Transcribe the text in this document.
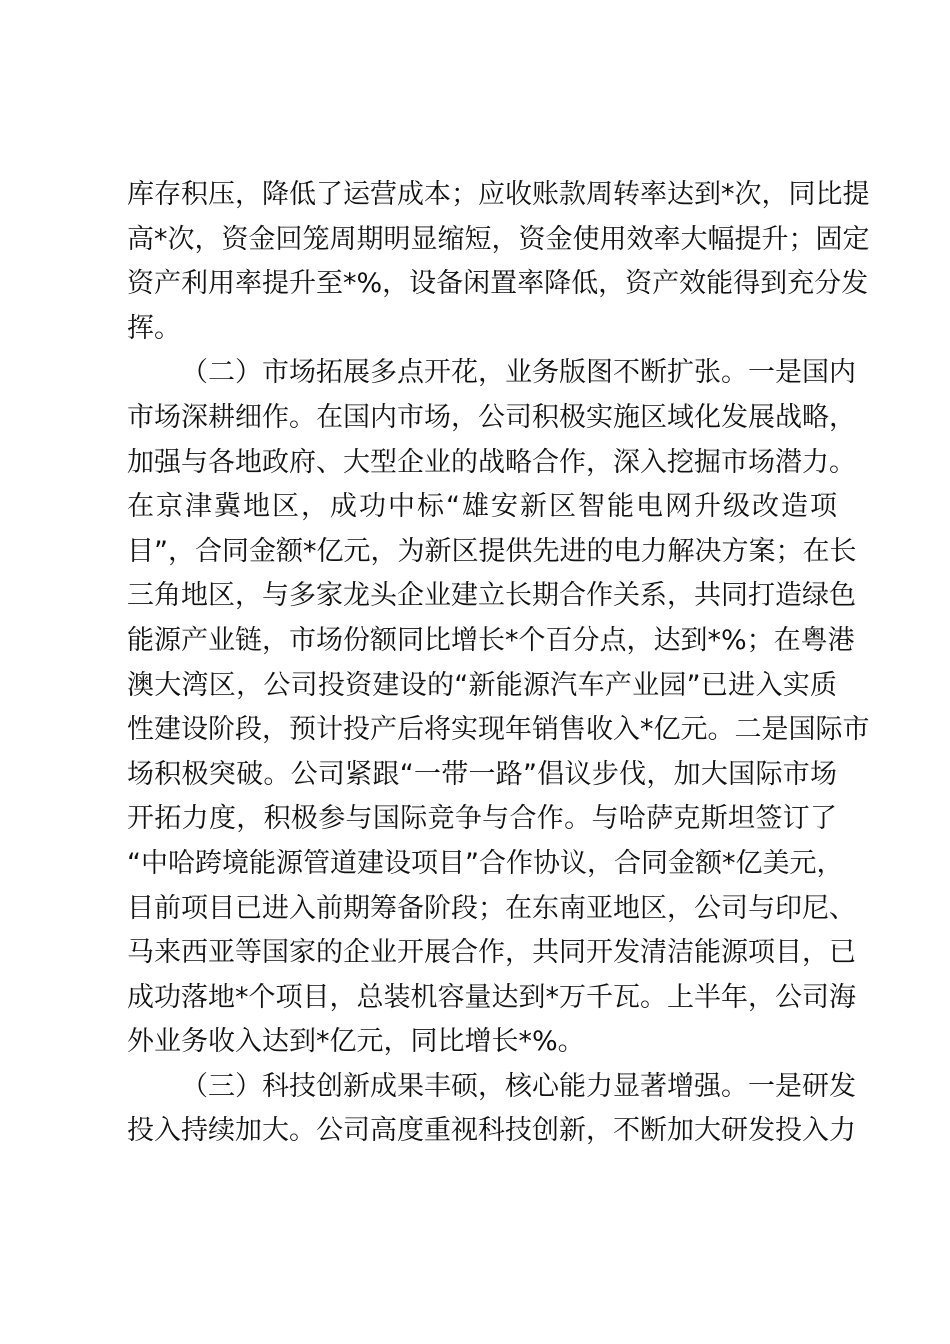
库存积压，降低了运营成本；应收账款周转率达到*次，同比提
高*次，资金回笼周期明显缩短，资金使用效率大幅提升；固定
资产利用率提升至*%，设备闲置率降低，资产效能得到充分发
挥。
（二）市场拓展多点开花，业务版图不断扩张。一是国内
市场深耕细作。在国内市场，公司积极实施区域化发展战略，
加强与各地政府、大型企业的战略合作，深入挖掘市场潜力。
在京津冀地区，成功中标“雄安新区智能电网升级改造项
目”，合同金额*亿元，为新区提供先进的电力解决方案；在长
三角地区，与多家龙头企业建立长期合作关系，共同打造绿色
能源产业链，市场份额同比增长*个百分点，达到*%；在粤港
澳大湾区，公司投资建设的“新能源汽车产业园”已进入实质
性建设阶段，预计投产后将实现年销售收入*亿元。二是国际市
场积极突破。公司紧跟“一带一路”倡议步伐，加大国际市场
开拓力度，积极参与国际竞争与合作。与哈萨克斯坦签订了
“中哈跨境能源管道建设项目”合作协议，合同金额*亿美元，
目前项目已进入前期筹备阶段；在东南亚地区，公司与印尼、
马来西亚等国家的企业开展合作，共同开发清洁能源项目，已
成功落地*个项目，总装机容量达到*万千瓦。上半年，公司海
外业务收入达到*亿元，同比增长*%。
（三）科技创新成果丰硕，核心能力显著增强。一是研发
投入持续加大。公司高度重视科技创新，不断加大研发投入力
